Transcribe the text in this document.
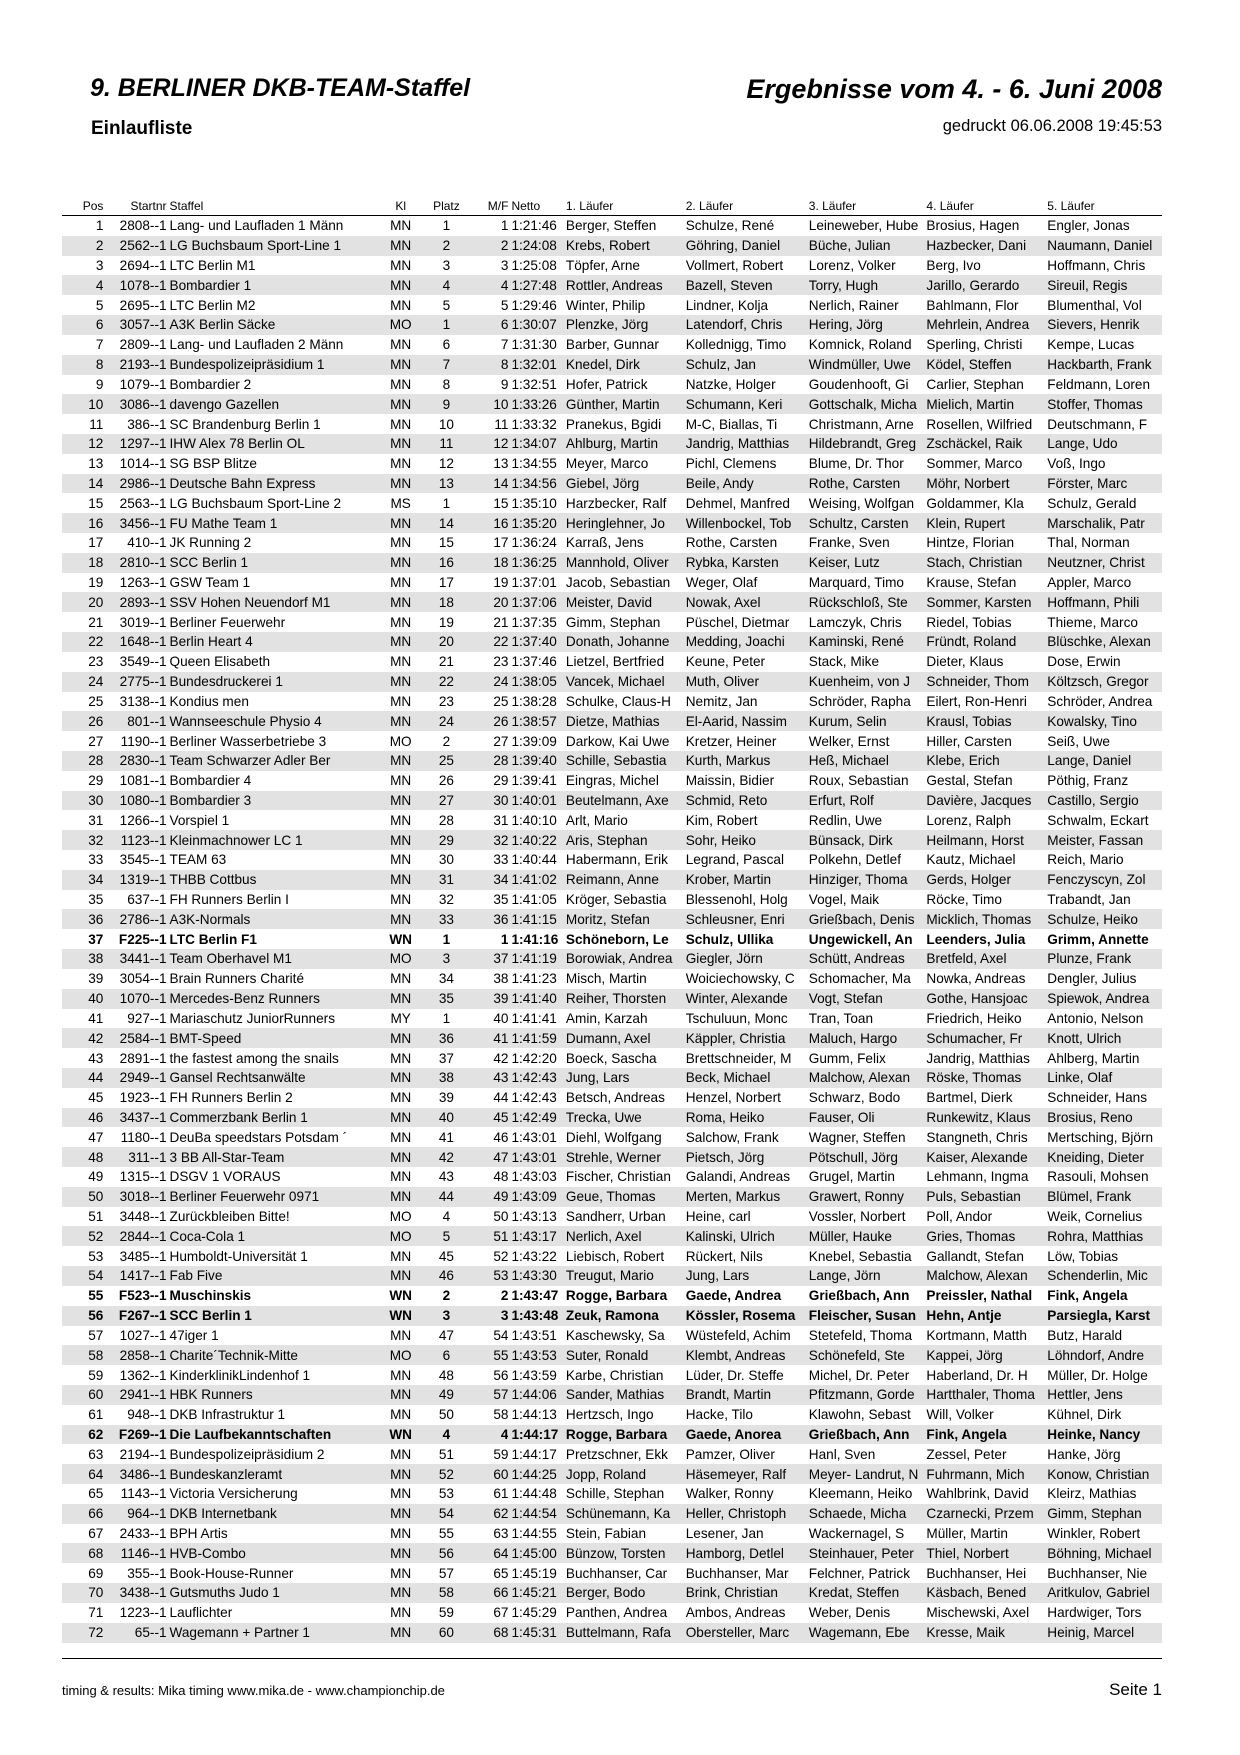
9. BERLINER DKB-TEAM-Staffel	Ergebnisse vom 4. - 6. Juni 2008
Einlaufliste	gedruckt 06.06.2008 19:45:53
Pos	Startnr	Staffel	Kl	Platz	M/F	Netto	1. Läufer	2. Läufer	3. Läufer	4. Läufer	5. Läufer
1	2808--1	Lang- und Laufladen 1 Männ	MN	1	1	1:21:46	Berger, Steffen	Schulze, René	Leineweber, Hube	Brosius, Hagen	Engler, Jonas
2	2562--1	LG Buchsbaum Sport-Line 1	MN	2	2	1:24:08	Krebs, Robert	Göhring, Daniel	Büche, Julian	Hazbecker, Dani	Naumann, Daniel
3	2694--1	LTC Berlin M1	MN	3	3	1:25:08	Töpfer, Arne	Vollmert, Robert	Lorenz, Volker	Berg, Ivo	Hoffmann, Chris
4	1078--1	Bombardier 1	MN	4	4	1:27:48	Rottler, Andreas	Bazell, Steven	Torry, Hugh	Jarillo, Gerardo	Sireuil, Regis
5	2695--1	LTC Berlin M2	MN	5	5	1:29:46	Winter, Philip	Lindner, Kolja	Nerlich, Rainer	Bahlmann, Flor	Blumenthal, Vol
6	3057--1	A3K Berlin Säcke	MO	1	6	1:30:07	Plenzke, Jörg	Latendorf, Chris	Hering, Jörg	Mehrlein, Andrea	Sievers, Henrik
7	2809--1	Lang- und Laufladen 2 Männ	MN	6	7	1:31:30	Barber, Gunnar	Kollednigg, Timo	Komnick, Roland	Sperling, Christi	Kempe, Lucas
8	2193--1	Bundespolizeipräsidium 1	MN	7	8	1:32:01	Knedel, Dirk	Schulz, Jan	Windmüller, Uwe	Ködel, Steffen	Hackbarth, Frank
9	1079--1	Bombardier 2	MN	8	9	1:32:51	Hofer, Patrick	Natzke, Holger	Goudenhooft, Gi	Carlier, Stephan	Feldmann, Loren
10	3086--1	davengo Gazellen	MN	9	10	1:33:26	Günther, Martin	Schumann, Keri	Gottschalk, Micha	Mielich, Martin	Stoffer, Thomas
11	386--1	SC Brandenburg Berlin 1	MN	10	11	1:33:32	Pranekus, Bgidi	M-C, Biallas, Ti	Christmann, Arne	Rosellen, Wilfried	Deutschmann, F
12	1297--1	IHW Alex 78 Berlin OL	MN	11	12	1:34:07	Ahlburg, Martin	Jandrig, Matthias	Hildebrandt, Greg	Zschäckel, Raik	Lange, Udo
13	1014--1	SG BSP Blitze	MN	12	13	1:34:55	Meyer, Marco	Pichl, Clemens	Blume, Dr. Thor	Sommer, Marco	Voß, Ingo
14	2986--1	Deutsche Bahn Express	MN	13	14	1:34:56	Giebel, Jörg	Beile, Andy	Rothe, Carsten	Möhr, Norbert	Förster, Marc
15	2563--1	LG Buchsbaum Sport-Line 2	MS	1	15	1:35:10	Harzbecker, Ralf	Dehmel, Manfred	Weising, Wolfgan	Goldammer, Kla	Schulz, Gerald
16	3456--1	FU Mathe Team 1	MN	14	16	1:35:20	Heringlehner, Jo	Willenbockel, Tob	Schultz, Carsten	Klein, Rupert	Marschalik, Patr
17	410--1	JK Running 2	MN	15	17	1:36:24	Karraß, Jens	Rothe, Carsten	Franke, Sven	Hintze, Florian	Thal, Norman
18	2810--1	SCC Berlin 1	MN	16	18	1:36:25	Mannhold, Oliver	Rybka, Karsten	Keiser, Lutz	Stach, Christian	Neutzner, Christ
19	1263--1	GSW Team 1	MN	17	19	1:37:01	Jacob, Sebastian	Weger, Olaf	Marquard, Timo	Krause, Stefan	Appler, Marco
20	2893--1	SSV Hohen Neuendorf M1	MN	18	20	1:37:06	Meister, David	Nowak, Axel	Rückschloß, Ste	Sommer, Karsten	Hoffmann, Phili
21	3019--1	Berliner Feuerwehr	MN	19	21	1:37:35	Gimm, Stephan	Püschel, Dietmar	Lamczyk, Chris	Riedel, Tobias	Thieme, Marco
22	1648--1	Berlin Heart 4	MN	20	22	1:37:40	Donath, Johanne	Medding, Joachi	Kaminski, René	Fründt, Roland	Blüschke, Alexan
23	3549--1	Queen Elisabeth	MN	21	23	1:37:46	Lietzel, Bertfried	Keune, Peter	Stack, Mike	Dieter, Klaus	Dose, Erwin
24	2775--1	Bundesdruckerei 1	MN	22	24	1:38:05	Vancek, Michael	Muth, Oliver	Kuenheim, von J	Schneider, Thom	Költzsch, Gregor
25	3138--1	Kondius men	MN	23	25	1:38:28	Schulke, Claus-H	Nemitz, Jan	Schröder, Rapha	Eilert, Ron-Henri	Schröder, Andrea
26	801--1	Wannseeschule Physio 4	MN	24	26	1:38:57	Dietze, Mathias	El-Aarid, Nassim	Kurum, Selin	Krausl, Tobias	Kowalsky, Tino
27	1190--1	Berliner Wasserbetriebe 3	MO	2	27	1:39:09	Darkow, Kai Uwe	Kretzer, Heiner	Welker, Ernst	Hiller, Carsten	Seiß, Uwe
28	2830--1	Team Schwarzer Adler Ber	MN	25	28	1:39:40	Schille, Sebastia	Kurth, Markus	Heß, Michael	Klebe, Erich	Lange, Daniel
29	1081--1	Bombardier 4	MN	26	29	1:39:41	Eingras, Michel	Maissin, Bidier	Roux, Sebastian	Gestal, Stefan	Pöthig, Franz
30	1080--1	Bombardier 3	MN	27	30	1:40:01	Beutelmann, Axe	Schmid, Reto	Erfurt, Rolf	Davière, Jacques	Castillo, Sergio
31	1266--1	Vorspiel 1	MN	28	31	1:40:10	Arlt, Mario	Kim, Robert	Redlin, Uwe	Lorenz, Ralph	Schwalm, Eckart
32	1123--1	Kleinmachnower LC 1	MN	29	32	1:40:22	Aris, Stephan	Sohr, Heiko	Bünsack, Dirk	Heilmann, Horst	Meister, Fassan
33	3545--1	TEAM 63	MN	30	33	1:40:44	Habermann, Erik	Legrand, Pascal	Polkehn, Detlef	Kautz, Michael	Reich, Mario
34	1319--1	THBB Cottbus	MN	31	34	1:41:02	Reimann, Anne	Krober, Martin	Hinziger, Thoma	Gerds, Holger	Fenczyscyn, Zol
35	637--1	FH Runners Berlin I	MN	32	35	1:41:05	Kröger, Sebastia	Blessenohl, Holg	Vogel, Maik	Röcke, Timo	Trabandt, Jan
36	2786--1	A3K-Normals	MN	33	36	1:41:15	Moritz, Stefan	Schleusner, Enri	Grießbach, Denis	Micklich, Thomas	Schulze, Heiko
37	F225--1	LTC Berlin F1	WN	1	1	1:41:16	Schöneborn, Le	Schulz, Ullika	Ungewickell, An	Leenders, Julia	Grimm, Annette
38	3441--1	Team Oberhavel M1	MO	3	37	1:41:19	Borowiak, Andrea	Giegler, Jörn	Schütt, Andreas	Bretfeld, Axel	Plunze, Frank
39	3054--1	Brain Runners Charité	MN	34	38	1:41:23	Misch, Martin	Woiciechowsky, C	Schomacher, Ma	Nowka, Andreas	Dengler, Julius
40	1070--1	Mercedes-Benz Runners	MN	35	39	1:41:40	Reiher, Thorsten	Winter, Alexande	Vogt, Stefan	Gothe, Hansjoac	Spiewok, Andrea
41	927--1	Mariaschutz JuniorRunners	MY	1	40	1:41:41	Amin, Karzah	Tschuluun, Monc	Tran, Toan	Friedrich, Heiko	Antonio, Nelson
42	2584--1	BMT-Speed	MN	36	41	1:41:59	Dumann, Axel	Käppler, Christia	Maluch, Hargo	Schumacher, Fr	Knott, Ulrich
43	2891--1	the fastest among the snails	MN	37	42	1:42:20	Boeck, Sascha	Brettschneider, M	Gumm, Felix	Jandrig, Matthias	Ahlberg, Martin
44	2949--1	Gansel Rechtsanwälte	MN	38	43	1:42:43	Jung, Lars	Beck, Michael	Malchow, Alexan	Röske, Thomas	Linke, Olaf
45	1923--1	FH Runners Berlin 2	MN	39	44	1:42:43	Betsch, Andreas	Henzel, Norbert	Schwarz, Bodo	Bartmel, Dierk	Schneider, Hans
46	3437--1	Commerzbank Berlin 1	MN	40	45	1:42:49	Trecka, Uwe	Roma, Heiko	Fauser, Oli	Runkewitz, Klaus	Brosius, Reno
47	1180--1	DeuBa speedstars Potsdam ´	MN	41	46	1:43:01	Diehl, Wolfgang	Salchow, Frank	Wagner, Steffen	Stangneth, Chris	Mertsching, Björn
48	311--1	3 BB All-Star-Team	MN	42	47	1:43:01	Strehle, Werner	Pietsch, Jörg	Pötschull, Jörg	Kaiser, Alexande	Kneiding, Dieter
49	1315--1	DSGV 1 VORAUS	MN	43	48	1:43:03	Fischer, Christian	Galandi, Andreas	Grugel, Martin	Lehmann, Ingma	Rasouli, Mohsen
50	3018--1	Berliner Feuerwehr 0971	MN	44	49	1:43:09	Geue, Thomas	Merten, Markus	Grawert, Ronny	Puls, Sebastian	Blümel, Frank
51	3448--1	Zurückbleiben Bitte!	MO	4	50	1:43:13	Sandherr, Urban	Heine, carl	Vossler, Norbert	Poll, Andor	Weik, Cornelius
52	2844--1	Coca-Cola 1	MO	5	51	1:43:17	Nerlich, Axel	Kalinski, Ulrich	Müller, Hauke	Gries, Thomas	Rohra, Matthias
53	3485--1	Humboldt-Universität 1	MN	45	52	1:43:22	Liebisch, Robert	Rückert, Nils	Knebel, Sebastia	Gallandt, Stefan	Löw, Tobias
54	1417--1	Fab Five	MN	46	53	1:43:30	Treugut, Mario	Jung, Lars	Lange, Jörn	Malchow, Alexan	Schenderlin, Mic
55	F523--1	Muschinskis	WN	2	2	1:43:47	Rogge, Barbara	Gaede, Andrea	Grießbach, Ann	Preissler, Nathal	Fink, Angela
56	F267--1	SCC Berlin 1	WN	3	3	1:43:48	Zeuk, Ramona	Kössler, Rosema	Fleischer, Susan	Hehn, Antje	Parsiegla, Karst
57	1027--1	47iger 1	MN	47	54	1:43:51	Kaschewsky, Sa	Wüstefeld, Achim	Stetefeld, Thoma	Kortmann, Matth	Butz, Harald
58	2858--1	Charite´Technik-Mitte	MO	6	55	1:43:53	Suter, Ronald	Klembt, Andreas	Schönefeld, Ste	Kappei, Jörg	Löhndorf, Andre
59	1362--1	KinderklinikLindenhof 1	MN	48	56	1:43:59	Karbe, Christian	Lüder, Dr. Steffe	Michel, Dr. Peter	Haberland, Dr. H	Müller, Dr. Holge
60	2941--1	HBK Runners	MN	49	57	1:44:06	Sander, Mathias	Brandt, Martin	Pfitzmann, Gorde	Hartthaler, Thoma	Hettler, Jens
61	948--1	DKB Infrastruktur 1	MN	50	58	1:44:13	Hertzsch, Ingo	Hacke, Tilo	Klawohn, Sebast	Will, Volker	Kühnel, Dirk
62	F269--1	Die Laufbekanntschaften	WN	4	4	1:44:17	Rogge, Barbara	Gaede, Anorea	Grießbach, Ann	Fink, Angela	Heinke, Nancy
63	2194--1	Bundespolizeipräsidium 2	MN	51	59	1:44:17	Pretzschner, Ekk	Pamzer, Oliver	Hanl, Sven	Zessel, Peter	Hanke, Jörg
64	3486--1	Bundeskanzleramt	MN	52	60	1:44:25	Jopp, Roland	Häsemeyer, Ralf	Meyer- Landrut, N	Fuhrmann, Mich	Konow, Christian
65	1143--1	Victoria Versicherung	MN	53	61	1:44:48	Schille, Stephan	Walker, Ronny	Kleemann, Heiko	Wahlbrink, David	Kleirz, Mathias
66	964--1	DKB Internetbank	MN	54	62	1:44:54	Schünemann, Ka	Heller, Christoph	Schaede, Micha	Czarnecki, Przem	Gimm, Stephan
67	2433--1	BPH Artis	MN	55	63	1:44:55	Stein, Fabian	Lesener, Jan	Wackernagel, S	Müller, Martin	Winkler, Robert
68	1146--1	HVB-Combo	MN	56	64	1:45:00	Bünzow, Torsten	Hamborg, Detlel	Steinhauer, Peter	Thiel, Norbert	Böhning, Michael
69	355--1	Book-House-Runner	MN	57	65	1:45:19	Buchhanser, Car	Buchhanser, Mar	Felchner, Patrick	Buchhanser, Hei	Buchhanser, Nie
70	3438--1	Gutsmuths Judo 1	MN	58	66	1:45:21	Berger, Bodo	Brink, Christian	Kredat, Steffen	Käsbach, Bened	Aritkulov, Gabriel
71	1223--1	Lauflichter	MN	59	67	1:45:29	Panthen, Andrea	Ambos, Andreas	Weber, Denis	Mischewski, Axel	Hardwiger, Tors
72	65--1	Wagemann + Partner 1	MN	60	68	1:45:31	Buttelmann, Rafa	Obersteller, Marc	Wagemann, Ebe	Kresse, Maik	Heinig, Marcel
timing & results: Mika timing www.mika.de - www.championchip.de	Seite 1
